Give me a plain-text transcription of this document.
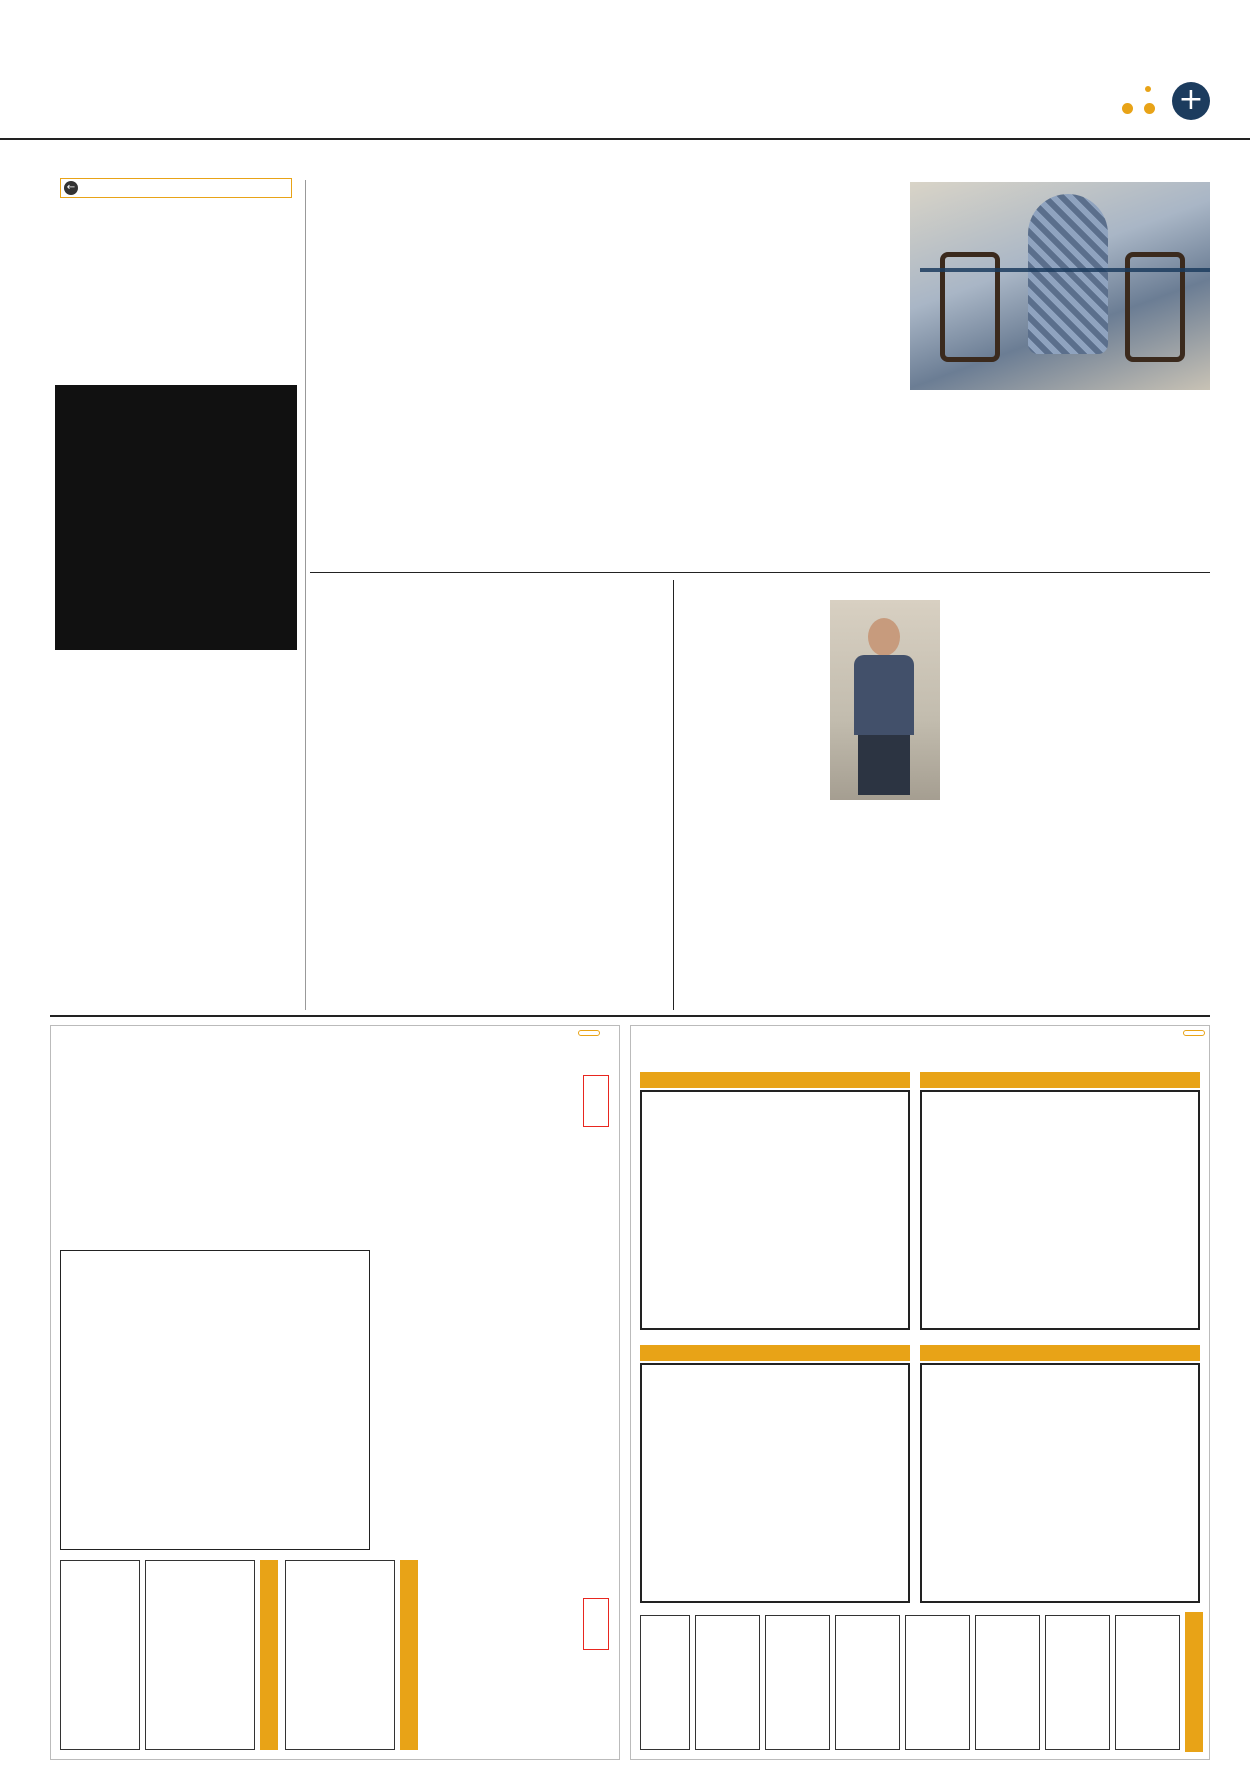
+

←
